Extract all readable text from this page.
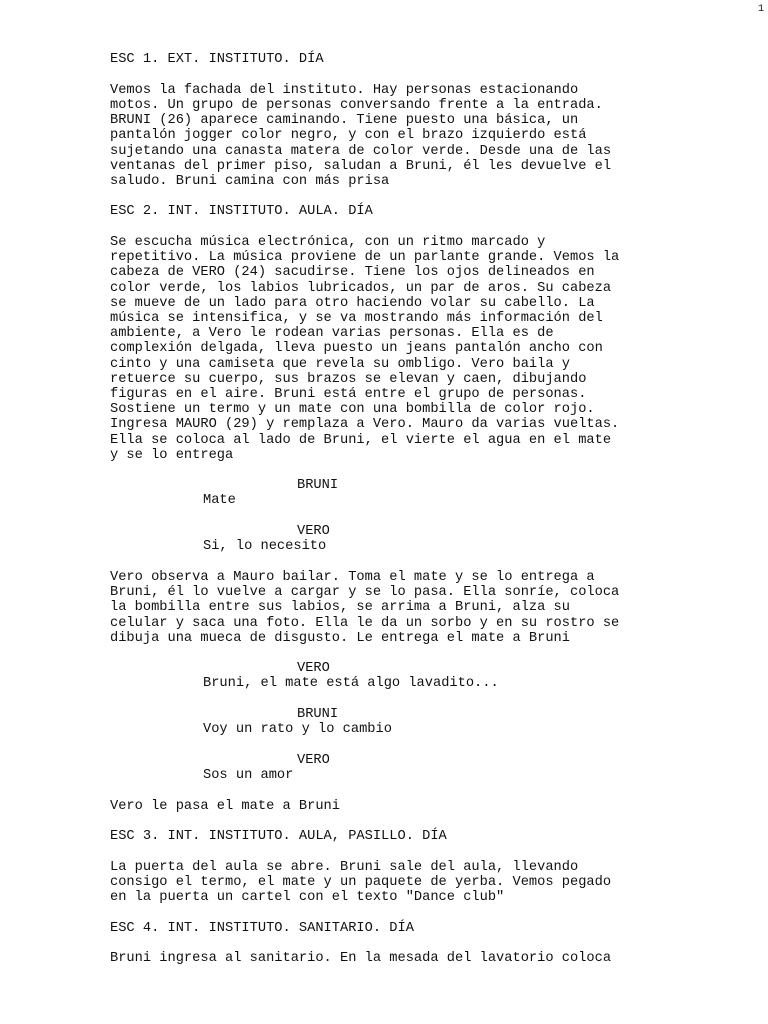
1
ESC 1. EXT. INSTITUTO. DÍA
Vemos la fachada del instituto. Hay personas estacionando
motos. Un grupo de personas conversando frente a la entrada.
BRUNI (26) aparece caminando. Tiene puesto una básica, un
pantalón jogger color negro, y con el brazo izquierdo está
sujetando una canasta matera de color verde. Desde una de las
ventanas del primer piso, saludan a Bruni, él les devuelve el
saludo. Bruni camina con más prisa
ESC 2. INT. INSTITUTO. AULA. DÍA
Se escucha música electrónica, con un ritmo marcado y
repetitivo. La música proviene de un parlante grande. Vemos la
cabeza de VERO (24) sacudirse. Tiene los ojos delineados en
color verde, los labios lubricados, un par de aros. Su cabeza
se mueve de un lado para otro haciendo volar su cabello. La
música se intensifica, y se va mostrando más información del
ambiente, a Vero le rodean varias personas. Ella es de
complexión delgada, lleva puesto un jeans pantalón ancho con
cinto y una camiseta que revela su ombligo. Vero baila y
retuerce su cuerpo, sus brazos se elevan y caen, dibujando
figuras en el aire. Bruni está entre el grupo de personas.
Sostiene un termo y un mate con una bombilla de color rojo.
Ingresa MAURO (29) y remplaza a Vero. Mauro da varias vueltas.
Ella se coloca al lado de Bruni, el vierte el agua en el mate
y se lo entrega
BRUNI
Mate
VERO
Si, lo necesito
Vero observa a Mauro bailar. Toma el mate y se lo entrega a
Bruni, él lo vuelve a cargar y se lo pasa. Ella sonríe, coloca
la bombilla entre sus labios, se arrima a Bruni, alza su
celular y saca una foto. Ella le da un sorbo y en su rostro se
dibuja una mueca de disgusto. Le entrega el mate a Bruni
VERO
Bruni, el mate está algo lavadito...
BRUNI
Voy un rato y lo cambio
VERO
Sos un amor
Vero le pasa el mate a Bruni
ESC 3. INT. INSTITUTO. AULA, PASILLO. DÍA
La puerta del aula se abre. Bruni sale del aula, llevando
consigo el termo, el mate y un paquete de yerba. Vemos pegado
en la puerta un cartel con el texto "Dance club"
ESC 4. INT. INSTITUTO. SANITARIO. DÍA
Bruni ingresa al sanitario. En la mesada del lavatorio coloca
